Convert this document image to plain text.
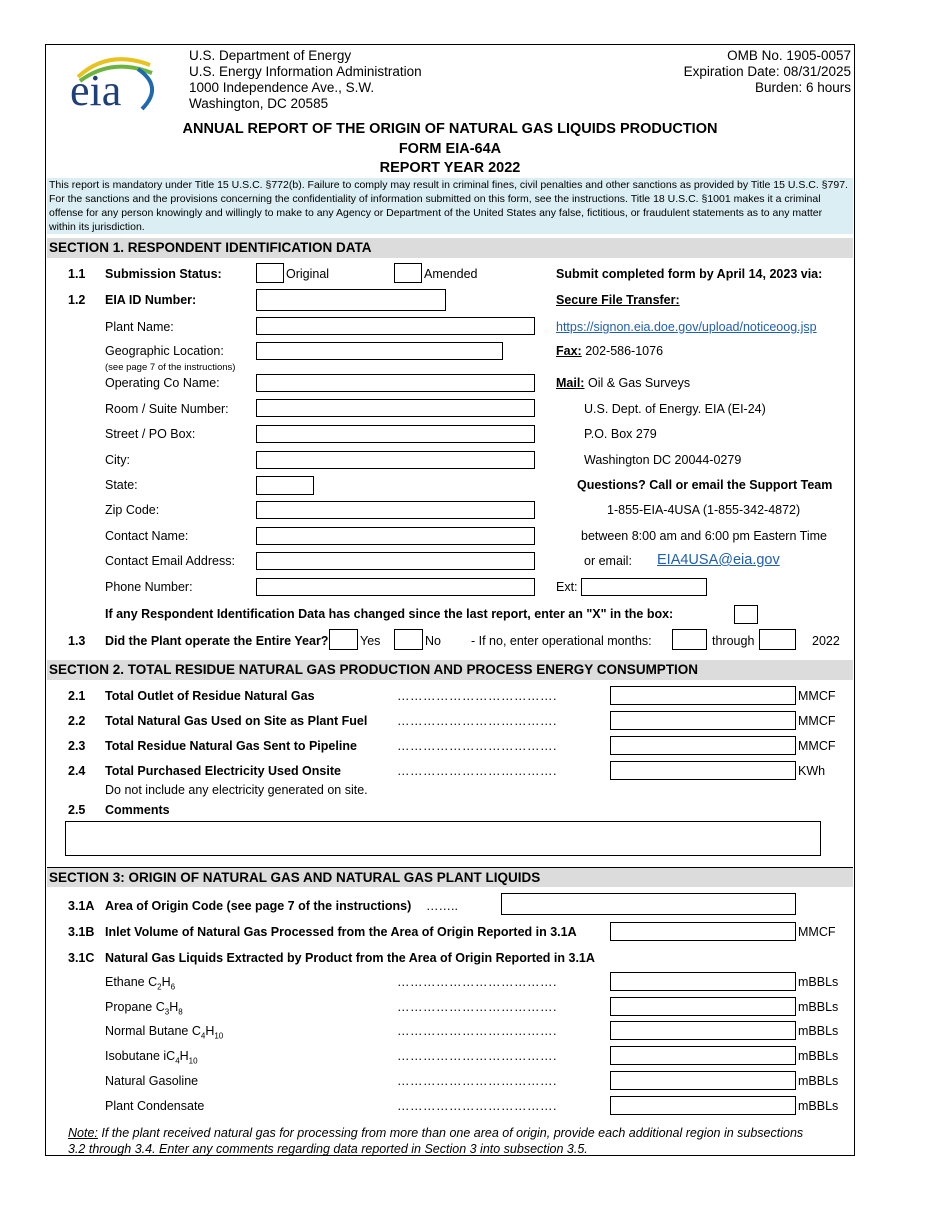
eia
U.S. Department of Energy
U.S. Energy Information Administration
1000 Independence Ave., S.W.
Washington, DC 20585
OMB No. 1905-0057
Expiration Date: 08/31/2025
Burden: 6 hours
ANNUAL REPORT OF THE ORIGIN OF NATURAL GAS LIQUIDS PRODUCTION
FORM EIA-64A
REPORT YEAR 2022
This report is mandatory under Title 15 U.S.C. §772(b). Failure to comply may result in criminal fines, civil penalties and other sanctions as provided by Title 15 U.S.C. §797. For the sanctions and the provisions concerning the confidentiality of information submitted on this form, see the instructions. Title 18 U.S.C. §1001 makes it a criminal offense for any person knowingly and willingly to make to any Agency or Department of the United States any false, fictitious, or fraudulent statements as to any matter within its jurisdiction.
SECTION 1. RESPONDENT IDENTIFICATION DATA
1.1 Submission Status:	Original	Amended
1.2 EIA ID Number:
Plant Name:
Geographic Location:
(see page 7 of the instructions)
Operating Co Name:
Room / Suite Number:
Street / PO Box:
City:
State:
Zip Code:
Contact Name:
Contact Email Address:
Phone Number:	Ext:
Submit completed form by April 14, 2023 via:
Secure File Transfer:
https://signon.eia.doe.gov/upload/noticeoog.jsp
Fax: 202-586-1076
Mail: Oil & Gas Surveys
U.S. Dept. of Energy. EIA (EI-24)
P.O. Box 279
Washington DC 20044-0279
Questions? Call or email the Support Team
1-855-EIA-4USA (1-855-342-4872)
between 8:00 am and 6:00 pm Eastern Time
or email: EIA4USA@eia.gov
If any Respondent Identification Data has changed since the last report, enter an "X" in the box:
1.3 Did the Plant operate the Entire Year?	Yes	No - If no, enter operational months:	through	2022
SECTION 2. TOTAL RESIDUE NATURAL GAS PRODUCTION AND PROCESS ENERGY CONSUMPTION
2.1 Total Outlet of Residue Natural Gas	……………………………….	MMCF
2.2 Total Natural Gas Used on Site as Plant Fuel ……………………………….	MMCF
2.3 Total Residue Natural Gas Sent to Pipeline	……………………………….	MMCF
2.4 Total Purchased Electricity Used Onsite	……………………………….	KWh
Do not include any electricity generated on site.
2.5 Comments
SECTION 3: ORIGIN OF NATURAL GAS AND NATURAL GAS PLANT LIQUIDS
3.1A Area of Origin Code (see page 7 of the instructions) ……..
3.1B Inlet Volume of Natural Gas Processed from the Area of Origin Reported in 3.1A	MMCF
3.1C Natural Gas Liquids Extracted by Product from the Area of Origin Reported in 3.1A
Ethane $C_2H_6$	……………………………….	mBBLs
Propane $C_3H_8$	……………………………….	mBBLs
Normal Butane $C_4H_{10}$	……………………………….	mBBLs
Isobutane $iC_4H_{10}$	……………………………….	mBBLs
Natural Gasoline	……………………………….	mBBLs
Plant Condensate	……………………………….	mBBLs
Note: If the plant received natural gas for processing from more than one area of origin, provide each additional region in subsections
3.2 through 3.4. Enter any comments regarding data reported in Section 3 into subsection 3.5.
